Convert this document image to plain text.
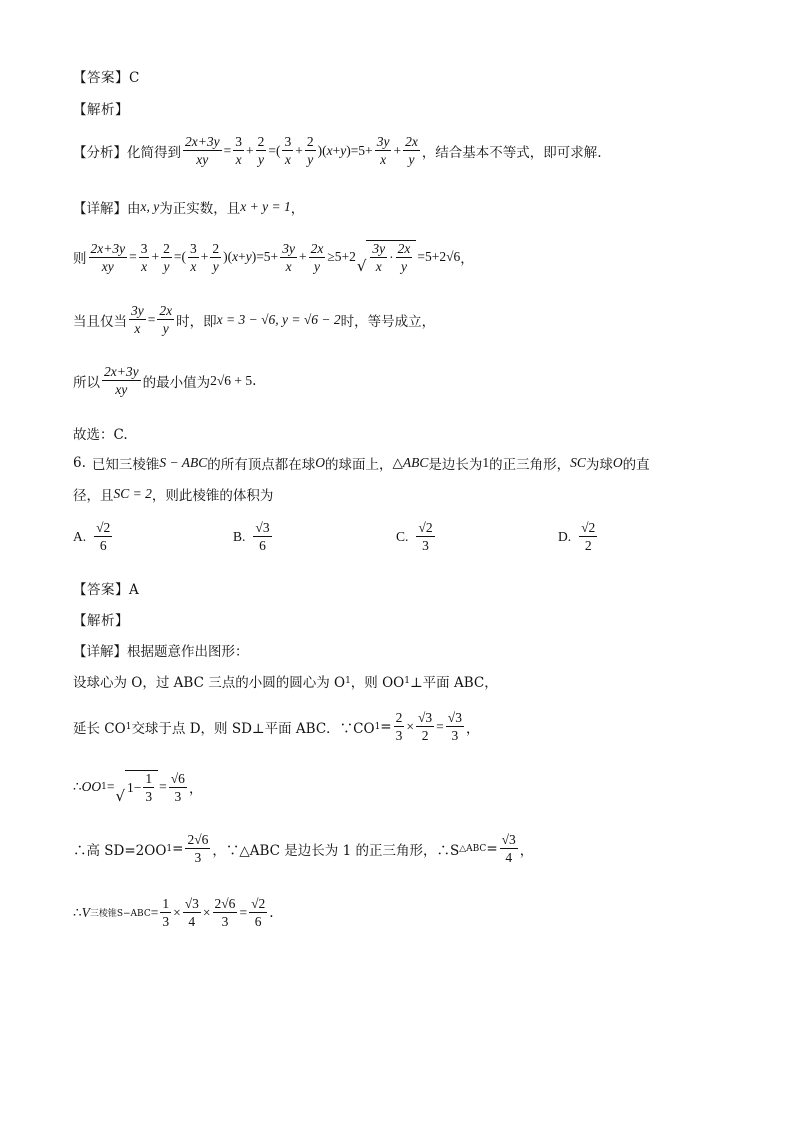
【答案】C
【解析】
【分析】 化简得到 $\frac{2x+3y}{xy} = \frac{3}{x} + \frac{2}{y}$ =( $\frac{3}{x} + \frac{2}{y}$ )( x + y )$=5+ \frac{3y}{x} + \frac{2x}{y}$ ，结合基本不等式，即可求解.
【详解】 由 x, y 为正实数，且 x + y = 1 ，
则 $\frac{2x+3y}{xy} = \frac{3}{x} + \frac{2}{y}$ =( $\frac{3}{x} + \frac{2}{y}$ )( x + y )$=5+ \frac{3y}{x} + \frac{2x}{y} \ge 5+2$
√ $\frac{3y}{x} \cdot \frac{2x}{y} =5+2√6$ ，
当且仅当 $\frac{3y}{x} = \frac{2x}{y}$ 时，即 x = 3 − √6, y = √6 − 2 时，等号成立，
所以 $\frac{2x+3y}{xy}$ 的最小值为 2√6 + 5 .
故选：C.
6. 已知三棱锥 S − ABC 的所有顶点都在球 O 的球面上， △ABC 是边长为 1 的正三角形， SC 为球 O 的直
径，且 SC = 2 ，则此棱锥的体积为
A. $\frac{√2}{6}$	B. $\frac{√3}{6}$	C. $\frac{√2}{3}$	D. $\frac{√2}{2}$
【答案】A
【解析】
【详解】根据题意作出图形：
设球心为 O，过 ABC 三点的小圆的圆心为 O 1 ，则 OO 1 ⊥平面 ABC，
延长 CO 1 交球于点 D，则 SD⊥平面 ABC．∵CO $1 = \frac{2}{3} \times \frac{√3}{2} = \frac{√3}{3}$ ，
∴ OO 1 =
√ $1- \frac{1}{3} = \frac{√6}{3}$ ，
∴高 SD=2OO $1 = \frac{2√6}{3}$ ，∵△ABC 是边长为 1 的正三角形，∴S △ABC = $\frac{√3}{4}$ ，
∴ V 三棱锥$S-ABC = \frac{1}{3} \times \frac{√3}{4} \times \frac{2√6}{3} = \frac{√2}{6}$ .
